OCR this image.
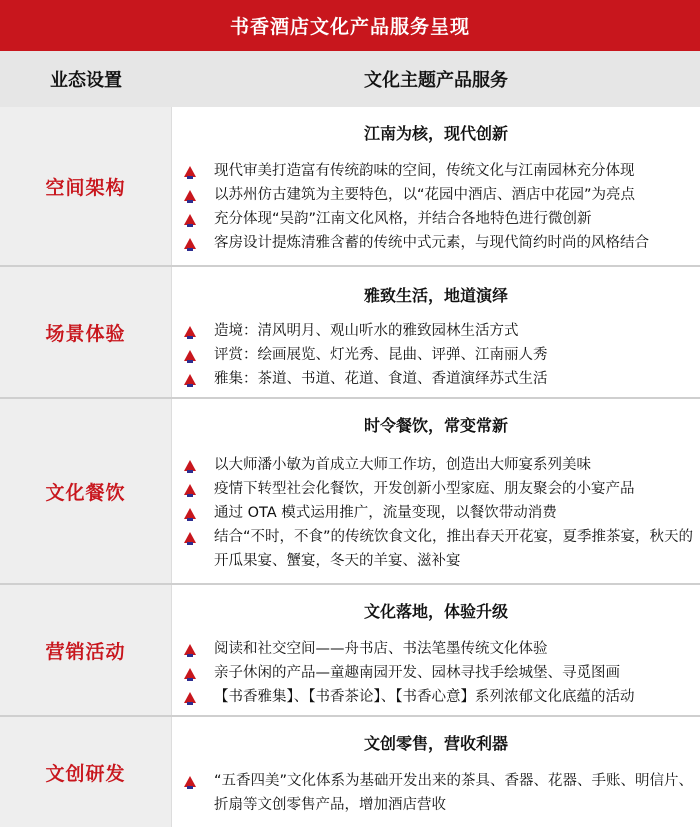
书香酒店文化产品服务呈现
业态设置	文化主题产品服务
空间架构
江南为核，现代创新
现代审美打造富有传统韵味的空间，传统文化与江南园林充分体现
以苏州仿古建筑为主要特色，以“花园中酒店、酒店中花园”为亮点
充分体现“吴韵”江南文化风格，并结合各地特色进行微创新
客房设计提炼清雅含蓄的传统中式元素，与现代简约时尚的风格结合
场景体验
雅致生活，地道演绎
造境：清风明月、观山听水的雅致园林生活方式
评赏：绘画展览、灯光秀、昆曲、评弹、江南丽人秀
雅集：茶道、书道、花道、食道、香道演绎苏式生活
文化餐饮
时令餐饮，常变常新
以大师潘小敏为首成立大师工作坊，创造出大师宴系列美味
疫情下转型社会化餐饮，开发创新小型家庭、朋友聚会的小宴产品
通过 OTA 模式运用推广，流量变现，以餐饮带动消费
结合“不时，不食”的传统饮食文化，推出春天开花宴，夏季推茶宴，秋天的开瓜果宴、蟹宴，冬天的羊宴、滋补宴
营销活动
文化落地，体验升级
阅读和社交空间——舟书店、书法笔墨传统文化体验
亲子休闲的产品—童趣南园开发、园林寻找手绘城堡、寻觅图画
【书香雅集】、【书香茶论】、【书香心意】系列浓郁文化底蕴的活动
文创研发
文创零售，营收利器
“五香四美”文化体系为基础开发出来的茶具、香器、花器、手账、明信片、折扇等文创零售产品，增加酒店营收
